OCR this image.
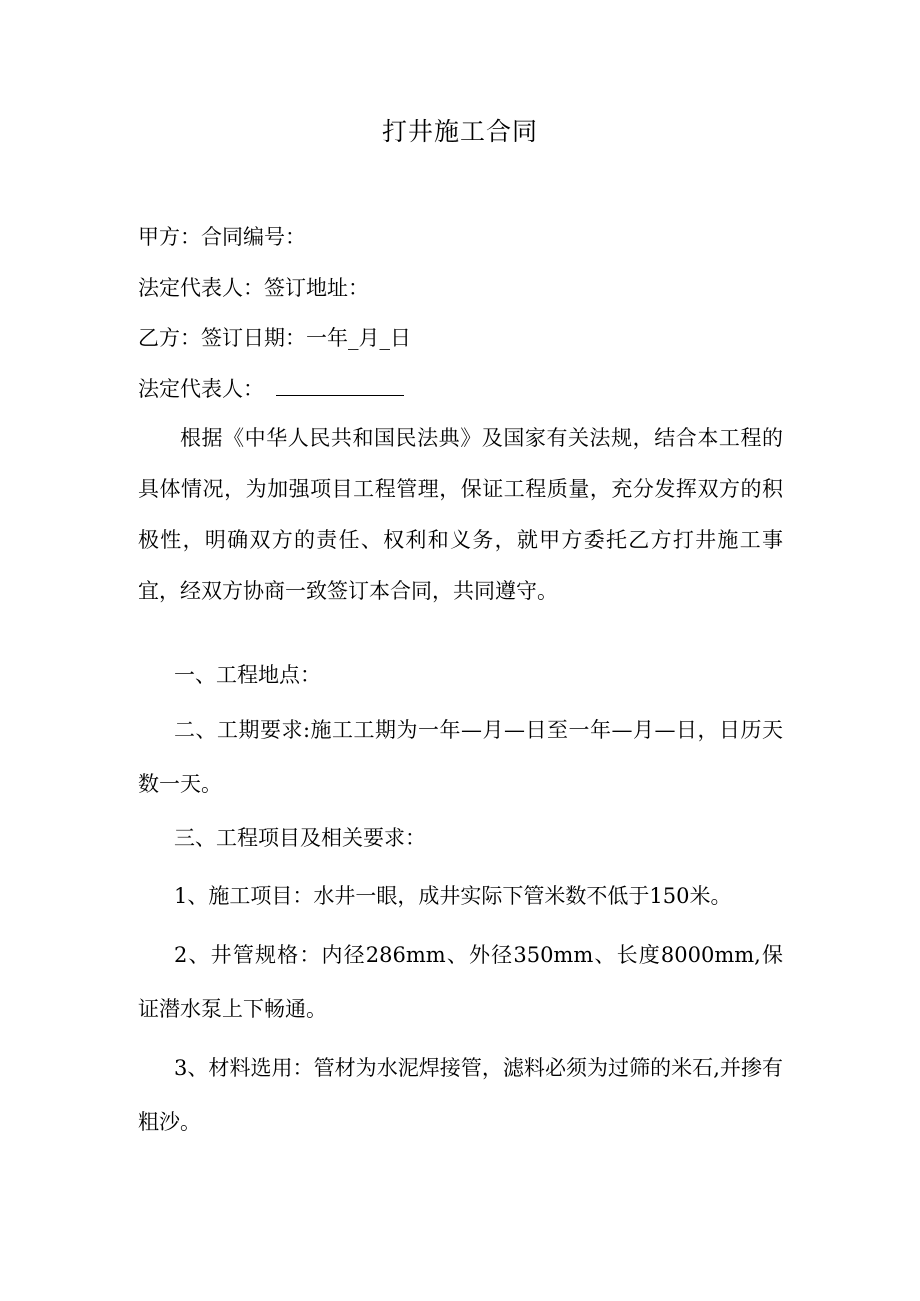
打井施工合同

甲方：合同编号：

法定代表人：签订地址：

乙方：签订日期：一年_月_日

法定代表人：

根据《中华人民共和国民法典》及国家有关法规，结合本工程的具体情况，为加强项目工程管理，保证工程质量，充分发挥双方的积极性，明确双方的责任、权利和义务，就甲方委托乙方打井施工事宜，经双方协商一致签订本合同，共同遵守。

一、工程地点：

二、工期要求:施工工期为一年—月—日至一年—月—日，日历天数一天。

三、工程项目及相关要求：

1、施工项目：水井一眼，成井实际下管米数不低于150米。

2、井管规格：内径286mm、外径350mm、长度8000mm,保证潜水泵上下畅通。

3、材料选用：管材为水泥焊接管，滤料必须为过筛的米石,并掺有粗沙。
